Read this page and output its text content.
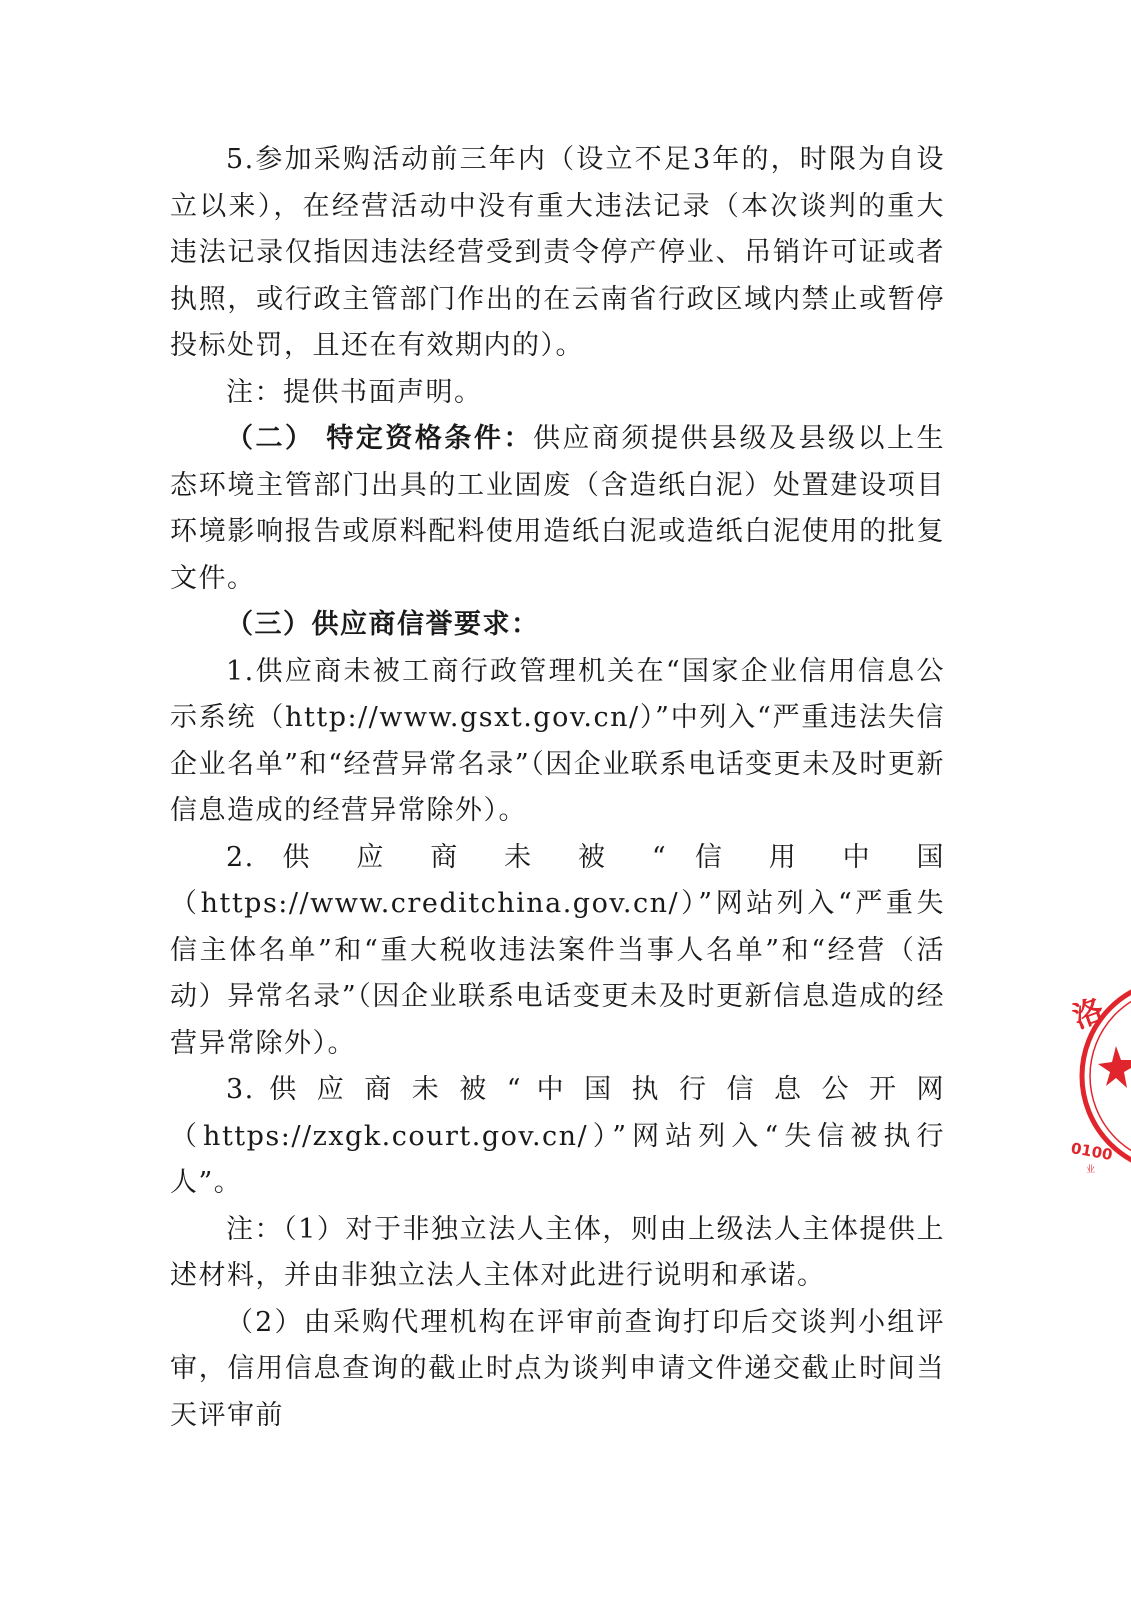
5.参加采购活动前三年内（设立不足3年的，时限为自设立以来），在经营活动中没有重大违法记录（本次谈判的重大违法记录仅指因违法经营受到责令停产停业、吊销许可证或者执照，或行政主管部门作出的在云南省行政区域内禁止或暂停投标处罚，且还在有效期内的）。

注：提供书面声明。

（二） 特定资格条件：供应商须提供县级及县级以上生态环境主管部门出具的工业固废（含造纸白泥）处置建设项目环境影响报告或原料配料使用造纸白泥或造纸白泥使用的批复文件。

（三）供应商信誉要求：

1.供应商未被工商行政管理机关在“国家企业信用信息公示系统（http://www.gsxt.gov.cn/）”中列入“严重违法失信企业名单”和“经营异常名录”（因企业联系电话变更未及时更新信息造成的经营异常除外）。

2. 供 应 商 未 被 “ 信 用 中 国

（https://www.creditchina.gov.cn/）”网站列入“严重失信主体名单”和“重大税收违法案件当事人名单”和“经营（活动）异常名录”（因企业联系电话变更未及时更新信息造成的经营异常除外）。

3. 供 应 商 未 被 “ 中 国 执 行 信 息 公 开 网

（https://zxgk.court.gov.cn/）”网站列入“失信被执行人”。

注：（1）对于非独立法人主体，则由上级法人主体提供上述材料，并由非独立法人主体对此进行说明和承诺。

（2）由采购代理机构在评审前查询打印后交谈判小组评审，信用信息查询的截止时点为谈判申请文件递交截止时间当天评审前

洛
0100
业
